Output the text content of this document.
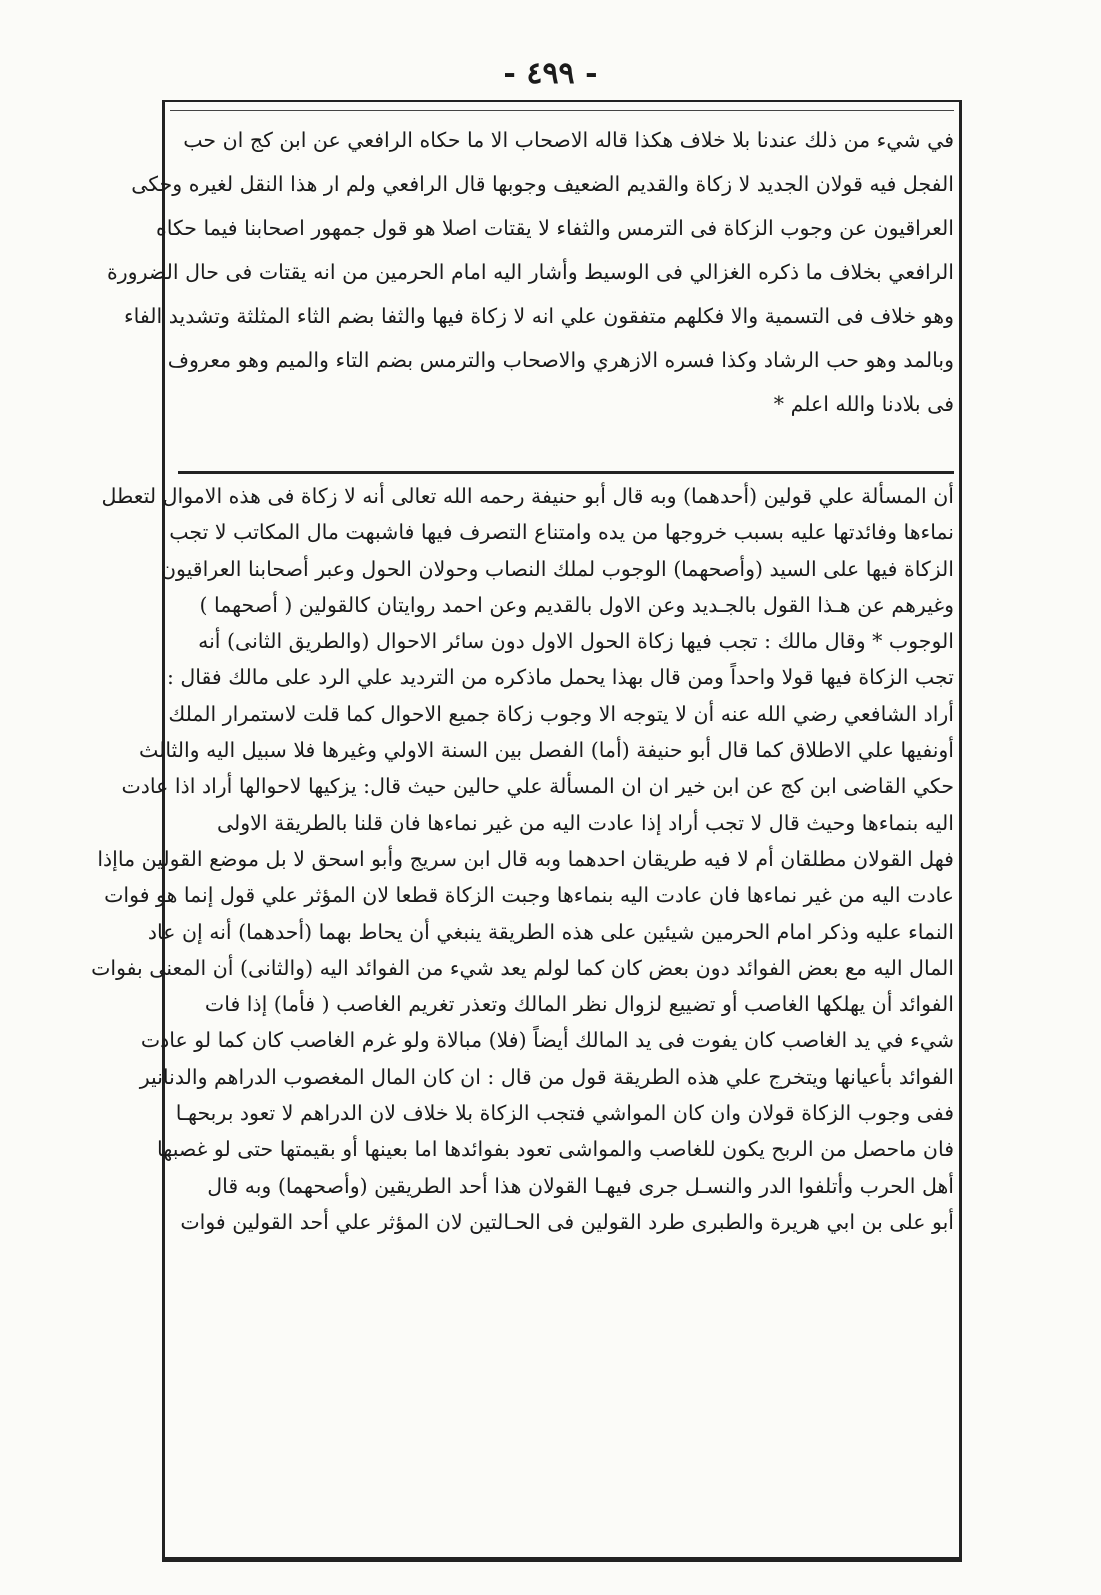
- ٤٩٩ -
في شيء من ذلك عندنا بلا خلاف هكذا قاله الاصحاب الا ما حكاه الرافعي عن ابن كج ان حب
الفجل فيه قولان الجديد لا زكاة والقديم الضعيف وجوبها قال الرافعي ولم ار هذا النقل لغيره وحكى
العراقيون عن وجوب الزكاة فى الترمس والثفاء لا يقتات اصلا هو قول جمهور اصحابنا فيما حكاه
الرافعي بخلاف ما ذكره الغزالي فى الوسيط وأشار اليه امام الحرمين من انه يقتات فى حال الضرورة
وهو خلاف فى التسمية والا فكلهم متفقون علي انه لا زكاة فيها والثفا بضم الثاء المثلثة وتشديد الفاء
وبالمد وهو حب الرشاد وكذا فسره الازهري والاصحاب والترمس بضم التاء والميم وهو معروف
فى بلادنا والله اعلم *
أن المسألة علي قولين (أحدهما) وبه قال أبو حنيفة رحمه الله تعالى أنه لا زكاة فى هذه الاموال لتعطل
نماءها وفائدتها عليه بسبب خروجها من يده وامتناع التصرف فيها فاشبهت مال المكاتب لا تجب
الزكاة فيها على السيد (وأصحهما) الوجوب لملك النصاب وحولان الحول وعبر أصحابنا العراقيون
وغيرهم عن هـذا القول بالجـديد وعن الاول بالقديم وعن احمد روايتان كالقولين ( أصحهما )
الوجوب * وقال مالك : تجب فيها زكاة الحول الاول دون سائر الاحوال (والطريق الثانى) أنه
تجب الزكاة فيها قولا واحداً ومن قال بهذا يحمل ماذكره من الترديد علي الرد على مالك فقال :
أراد الشافعي رضي الله عنه أن لا يتوجه الا وجوب زكاة جميع الاحوال كما قلت لاستمرار الملك
أونفيها علي الاطلاق كما قال أبو حنيفة (أما) الفصل بين السنة الاولي وغيرها فلا سبيل اليه والثالث
حكي القاضى ابن كج عن ابن خير ان ان المسألة علي حالين حيث قال: يزكيها لاحوالها أراد اذا عادت
اليه بنماءها وحيث قال لا تجب أراد إذا عادت اليه من غير نماءها فان قلنا بالطريقة الاولى
فهل القولان مطلقان أم لا فيه طريقان احدهما وبه قال ابن سريج وأبو اسحق لا بل موضع القولين ماإذا
عادت اليه من غير نماءها فان عادت اليه بنماءها وجبت الزكاة قطعا لان المؤثر علي قول إنما هو فوات
النماء عليه وذكر امام الحرمين شيئين على هذه الطريقة ينبغي أن يحاط بهما (أحدهما) أنه إن عاد
المال اليه مع بعض الفوائد دون بعض كان كما لولم يعد شيء من الفوائد اليه (والثانى) أن المعنى بفوات
الفوائد أن يهلكها الغاصب أو تضييع لزوال نظر المالك وتعذر تغريم الغاصب ( فأما) إذا فات
شيء في يد الغاصب كان يفوت فى يد المالك أيضاً (فلا) مبالاة ولو غرم الغاصب كان كما لو عادت
الفوائد بأعيانها ويتخرج علي هذه الطريقة قول من قال : ان كان المال المغصوب الدراهم والدنانير
ففى وجوب الزكاة قولان وان كان المواشي فتجب الزكاة بلا خلاف لان الدراهم لا تعود بربحهـا
فان ماحصل من الربح يكون للغاصب والمواشى تعود بفوائدها اما بعينها أو بقيمتها حتى لو غصبها
أهل الحرب وأتلفوا الدر والنسـل جرى فيهـا القولان هذا أحد الطريقين (وأصحهما) وبه قال
أبو على بن ابي هريرة والطبرى طرد القولين فى الحـالتين لان المؤثر علي أحد القولين فوات
